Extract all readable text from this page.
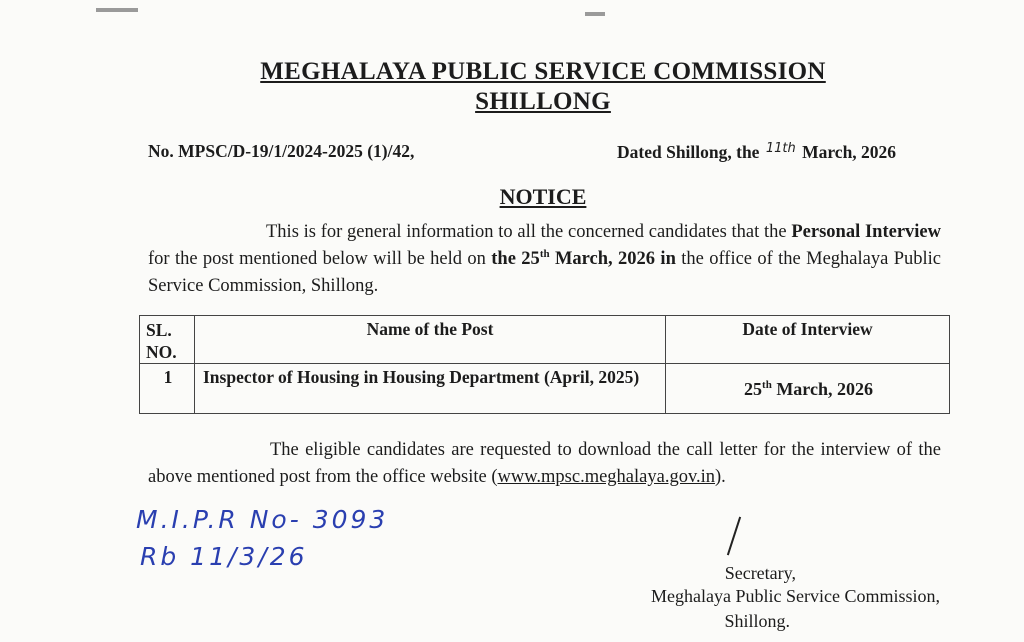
MEGHALAYA PUBLIC SERVICE COMMISSION
SHILLONG
No. MPSC/D-19/1/2024-2025 (1)/42,	Dated Shillong, the 11th March, 2026
NOTICE
This is for general information to all the concerned candidates that the Personal Interview for the post mentioned below will be held on the 25th March, 2026 in the office of the Meghalaya Public Service Commission, Shillong.
SL. NO.	Name of the Post	Date of Interview
1	Inspector of Housing in Housing Department (April, 2025)	25th March, 2026
The eligible candidates are requested to download the call letter for the interview of the above mentioned post from the office website (www.mpsc.meghalaya.gov.in).
M.I.P.R No- 3093
Rb 11/3/26
Secretary,
Meghalaya Public Service Commission,
Shillong.
